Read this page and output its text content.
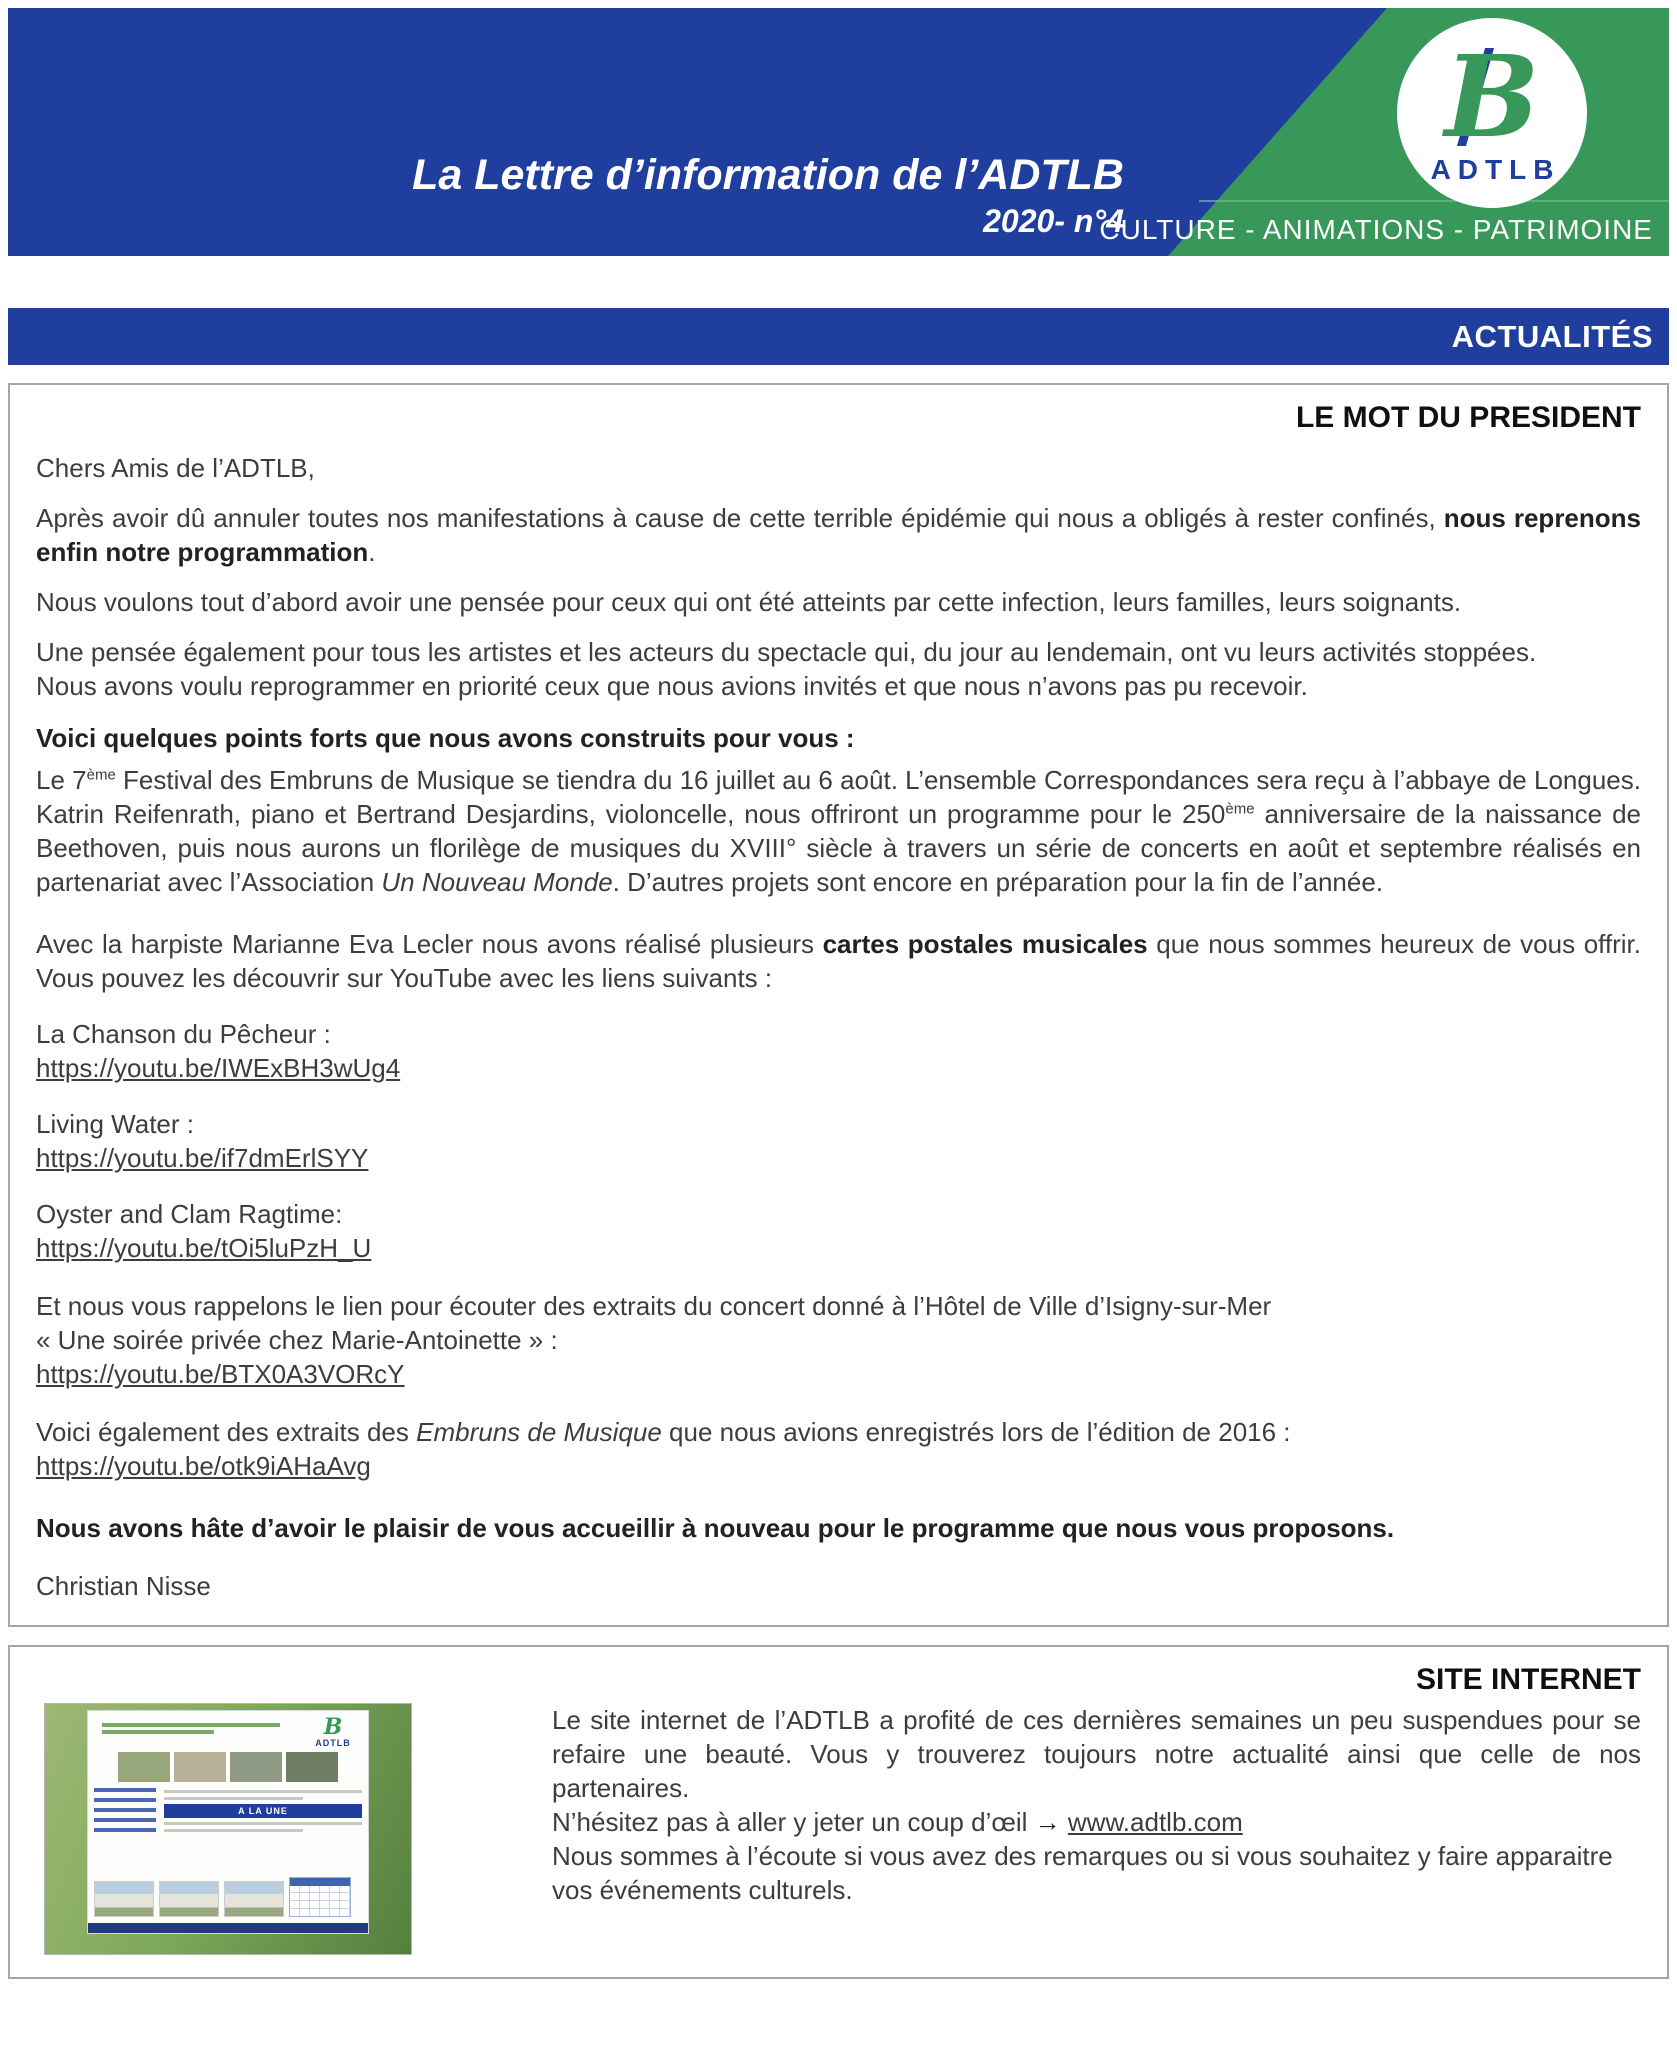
La Lettre d’information de l’ADTLB
2020- n°4
B
ADTLB
CULTURE - ANIMATIONS - PATRIMOINE
ACTUALITÉS
LE MOT DU PRESIDENT

Chers Amis de l’ADTLB,

Après avoir dû annuler toutes nos manifestations à cause de cette terrible épidémie qui nous a obligés à rester confinés, nous reprenons enfin notre programmation.

Nous voulons tout d’abord avoir une pensée pour ceux qui ont été atteints par cette infection, leurs familles, leurs soignants.

Une pensée également pour tous les artistes et les acteurs du spectacle qui, du jour au lendemain, ont vu leurs activités stoppées.
Nous avons voulu reprogrammer en priorité ceux que nous avions invités et que nous n’avons pas pu recevoir.

Voici quelques points forts que nous avons construits pour vous :

Le 7ème Festival des Embruns de Musique se tiendra du 16 juillet au 6 août. L’ensemble Correspondances sera reçu à l’abbaye de Longues. Katrin Reifenrath, piano et Bertrand Desjardins, violoncelle, nous offriront un programme pour le 250ème anniversaire de la naissance de Beethoven, puis nous aurons un florilège de musiques du XVIII° siècle à travers un série de concerts en août et septembre réalisés en partenariat avec l’Association Un Nouveau Monde. D’autres projets sont encore en préparation pour la fin de l’année.

Avec la harpiste Marianne Eva Lecler nous avons réalisé plusieurs cartes postales musicales que nous sommes heureux de vous offrir. Vous pouvez les découvrir sur YouTube avec les liens suivants :

La Chanson du Pêcheur :
https://youtu.be/IWExBH3wUg4
Living Water :
https://youtu.be/if7dmErlSYY
Oyster and Clam Ragtime:
https://youtu.be/tOi5luPzH_U
Et nous vous rappelons le lien pour écouter des extraits du concert donné à l’Hôtel de Ville d’Isigny-sur-Mer
« Une soirée privée chez Marie-Antoinette » :
https://youtu.be/BTX0A3VORcY
Voici également des extraits des Embruns de Musique que nous avions enregistrés lors de l’édition de 2016 :
https://youtu.be/otk9iAHaAvg
Nous avons hâte d’avoir le plaisir de vous accueillir à nouveau pour le programme que nous vous proposons.
Christian Nisse
SITE INTERNET
B
ADTLB
A LA UNE

Le site internet de l’ADTLB a profité de ces dernières semaines un peu suspendues pour se refaire une beauté. Vous y trouverez toujours notre actualité ainsi que celle de nos partenaires.

N’hésitez pas à aller y jeter un coup d’œil → www.adtlb.com

Nous sommes à l’écoute si vous avez des remarques ou si vous souhaitez y faire apparaitre vos événements culturels.
